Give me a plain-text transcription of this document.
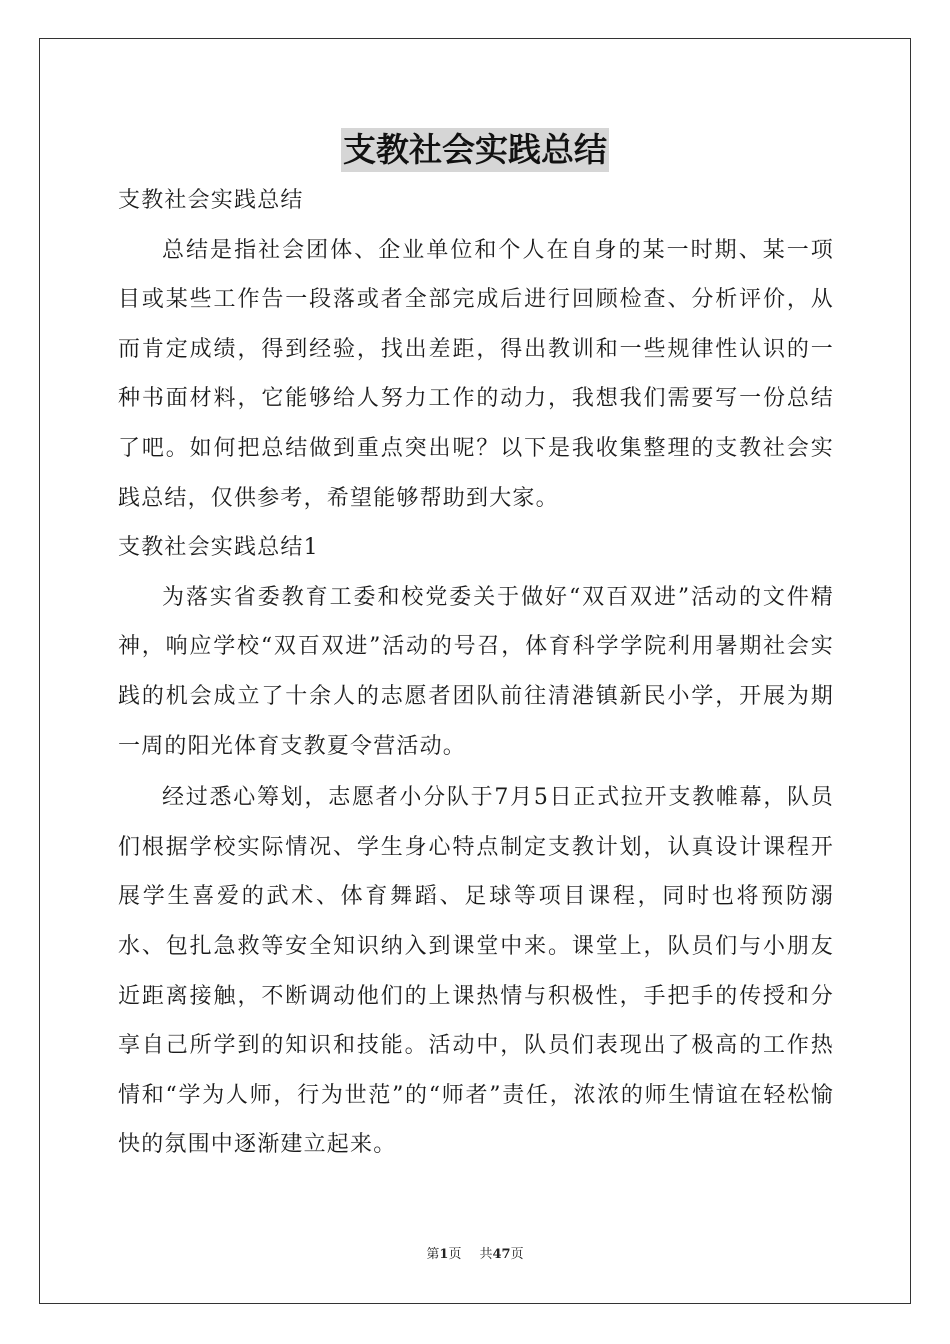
支教社会实践总结

支教社会实践总结

总结是指社会团体、企业单位和个人在自身的某一时期、某一项目或某些工作告一段落或者全部完成后进行回顾检查、分析评价，从而肯定成绩，得到经验，找出差距，得出教训和一些规律性认识的一种书面材料，它能够给人努力工作的动力，我想我们需要写一份总结了吧。如何把总结做到重点突出呢？以下是我收集整理的支教社会实践总结，仅供参考，希望能够帮助到大家。

支教社会实践总结1

为落实省委教育工委和校党委关于做好“双百双进”活动的文件精神，响应学校“双百双进”活动的号召，体育科学学院利用暑期社会实践的机会成立了十余人的志愿者团队前往清港镇新民小学，开展为期一周的阳光体育支教夏令营活动。

经过悉心筹划，志愿者小分队于7月5日正式拉开支教帷幕，队员们根据学校实际情况、学生身心特点制定支教计划，认真设计课程开展学生喜爱的武术、体育舞蹈、足球等项目课程，同时也将预防溺水、包扎急救等安全知识纳入到课堂中来。课堂上，队员们与小朋友近距离接触，不断调动他们的上课热情与积极性，手把手的传授和分享自己所学到的知识和技能。活动中，队员们表现出了极高的工作热情和“学为人师，行为世范”的“师者”责任，浓浓的师生情谊在轻松愉快的氛围中逐渐建立起来。

第1页 共47页
